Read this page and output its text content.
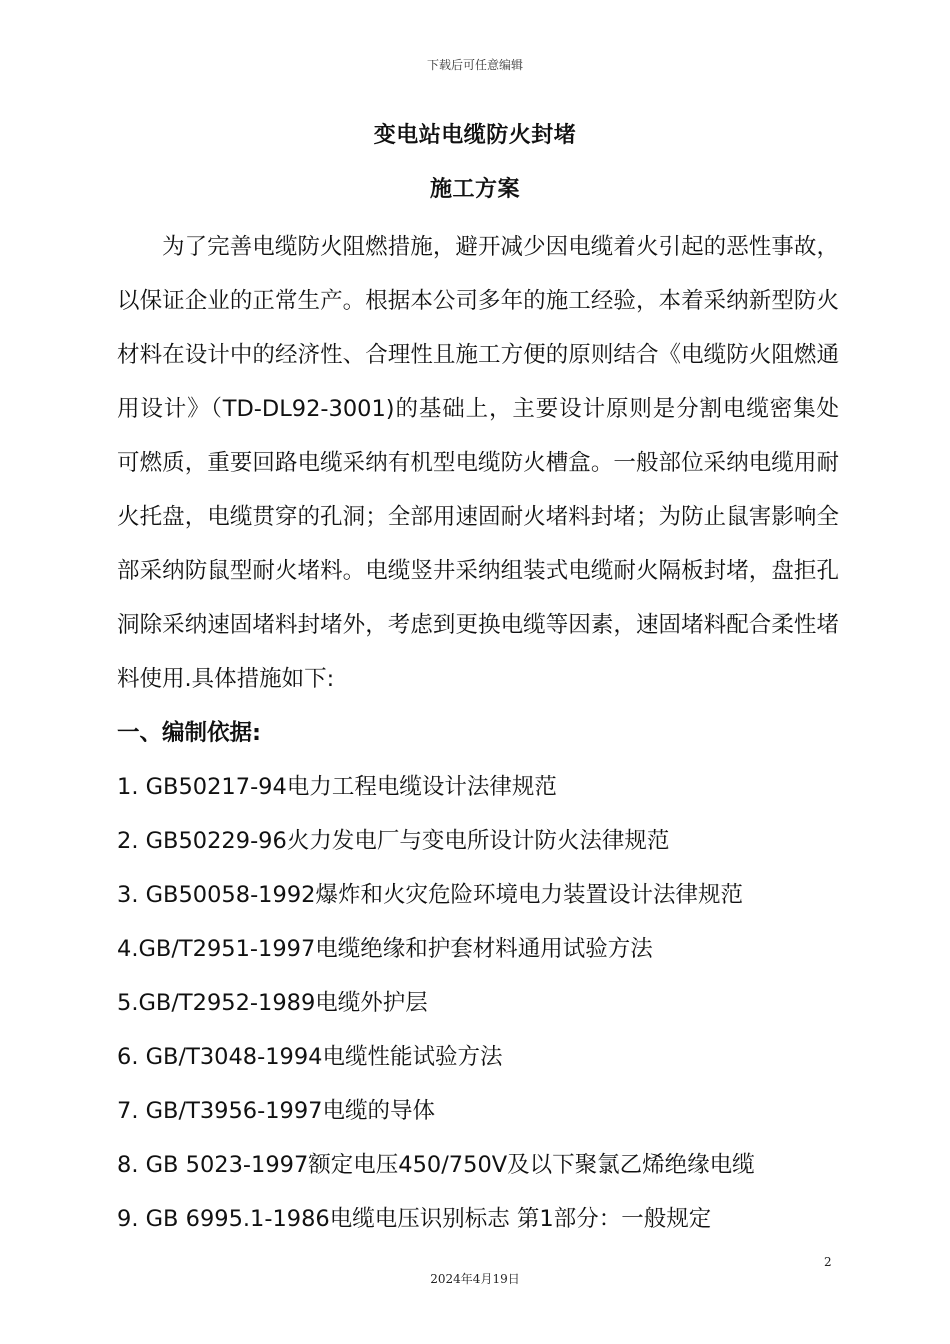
下载后可任意编辑
变电站电缆防火封堵
施工方案

为了完善电缆防火阻燃措施，避开减少因电缆着火引起的恶性事故，以保证企业的正常生产。根据本公司多年的施工经验，本着采纳新型防火材料在设计中的经济性、合理性且施工方便的原则结合《电缆防火阻燃通用设计》（TD-DL92-3001)的基础上，主要设计原则是分割电缆密集处可燃质，重要回路电缆采纳有机型电缆防火槽盒。一般部位采纳电缆用耐火托盘，电缆贯穿的孔洞；全部用速固耐火堵料封堵；为防止鼠害影响全部采纳防鼠型耐火堵料。电缆竖井采纳组装式电缆耐火隔板封堵，盘拒孔洞除采纳速固堵料封堵外，考虑到更换电缆等因素，速固堵料配合柔性堵料使用.具体措施如下:

一、编制依据:

1. GB50217-94电力工程电缆设计法律规范
2. GB50229-96火力发电厂与变电所设计防火法律规范
3. GB50058-1992爆炸和火灾危险环境电力装置设计法律规范
4.GB/T2951-1997电缆绝缘和护套材料通用试验方法
5.GB/T2952-1989电缆外护层
6. GB/T3048-1994电缆性能试验方法
7. GB/T3956-1997电缆的导体
8. GB 5023-1997额定电压450/750V及以下聚氯乙烯绝缘电缆
9. GB 6995.1-1986电缆电压识别标志 第1部分：一般规定
2
2024年4月19日
